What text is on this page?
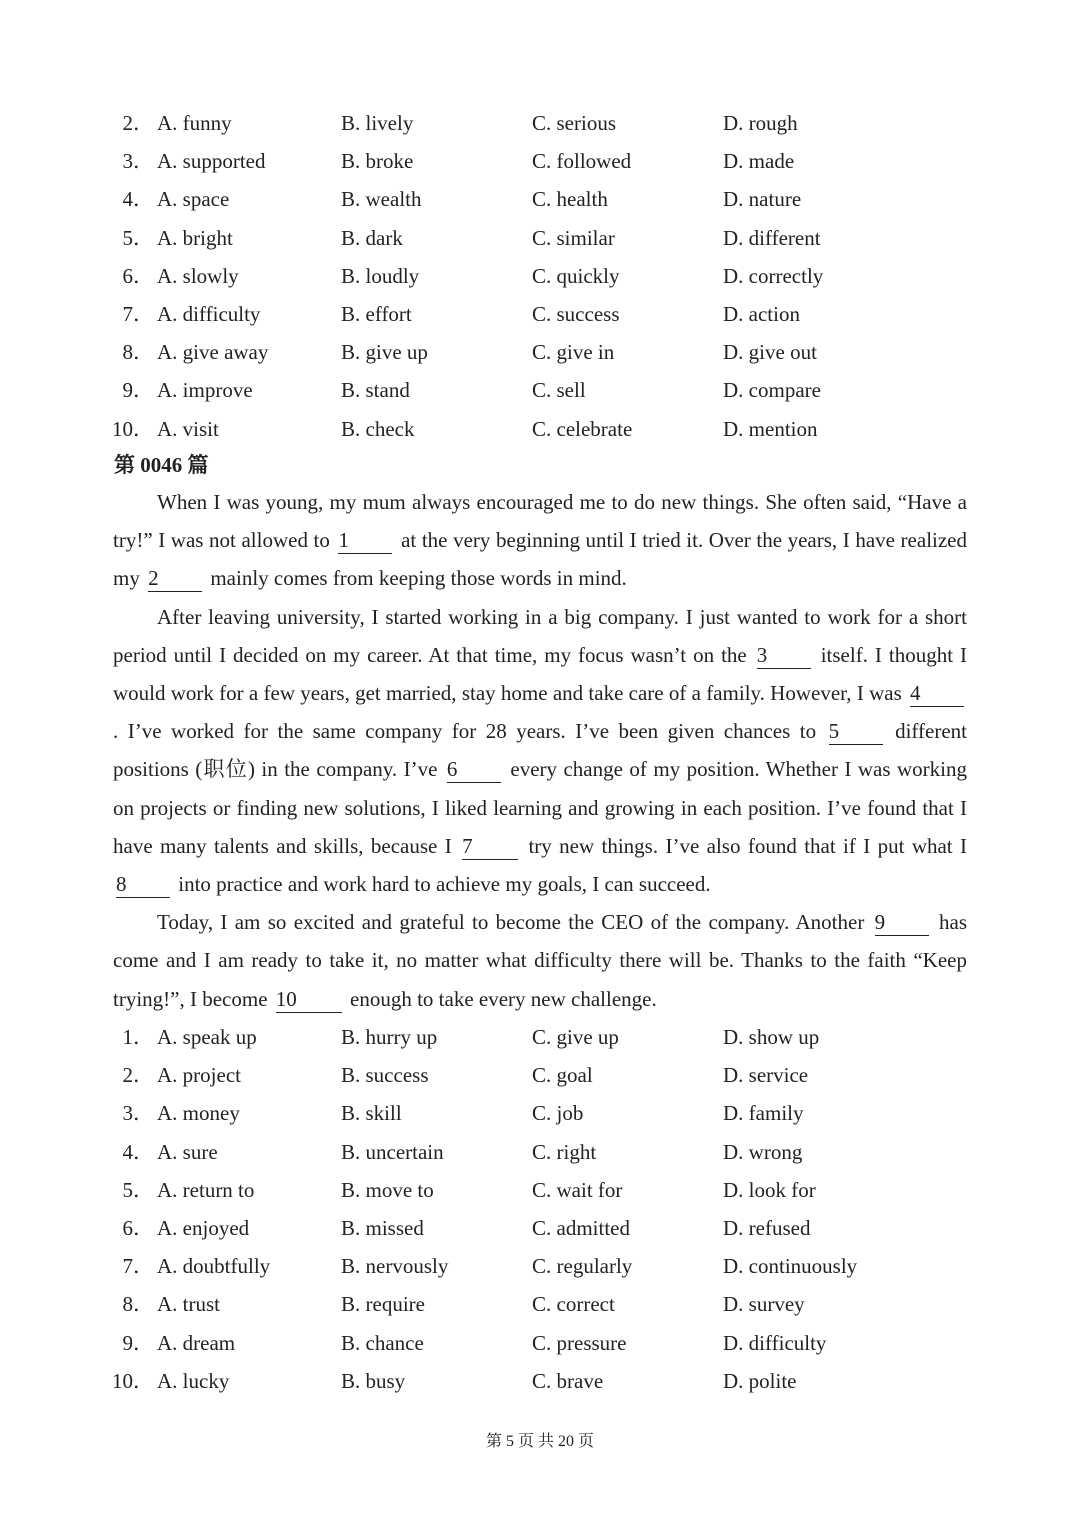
2． A. funny	B. lively	C. serious	D. rough
3． A. supported	B. broke	C. followed	D. made
4． A. space	B. wealth	C. health	D. nature
5． A. bright	B. dark	C. similar	D. different
6． A. slowly	B. loudly	C. quickly	D. correctly
7． A. difficulty	B. effort	C. success	D. action
8． A. give away	B. give up	C. give in	D. give out
9． A. improve	B. stand	C. sell	D. compare
10． A. visit	B. check	C. celebrate	D. mention
第 0046 篇

When I was young, my mum always encouraged me to do new things. She often said, “Have a try!” I was not allowed to 1 at the very beginning until I tried it. Over the years, I have realized my 2 mainly comes from keeping those words in mind.

After leaving university, I started working in a big company. I just wanted to work for a short period until I decided on my career. At that time, my focus wasn’t on the 3	itself. I thought I would work for a few years, get married, stay home and take care of a family. However, I was 4. I’ve worked for the same company for 28 years. I’ve been given chances to 5	different positions (职位) in the company. I’ve 6	every change of my position. Whether I was working on projects or finding new solutions, I liked learning and growing in each position. I’ve found that I have many talents and skills, because I 7	try new things. I’ve also found that if I put what I 8 into practice and work hard to achieve my goals, I can succeed.

Today, I am so excited and grateful to become the CEO of the company. Another 9	has come and I am ready to take it, no matter what difficulty there will be. Thanks to the faith “Keep trying!”, I become 10	enough to take every new challenge.

1． A. speak up	B. hurry up	C. give up	D. show up
2． A. project	B. success	C. goal	D. service
3． A. money	B. skill	C. job	D. family
4． A. sure	B. uncertain	C. right	D. wrong
5． A. return to	B. move to	C. wait for	D. look for
6． A. enjoyed	B. missed	C. admitted	D. refused
7． A. doubtfully	B. nervously	C. regularly	D. continuously
8． A. trust	B. require	C. correct	D. survey
9． A. dream	B. chance	C. pressure	D. difficulty
10． A. lucky	B. busy	C. brave	D. polite
第 5 页 共 20 页
